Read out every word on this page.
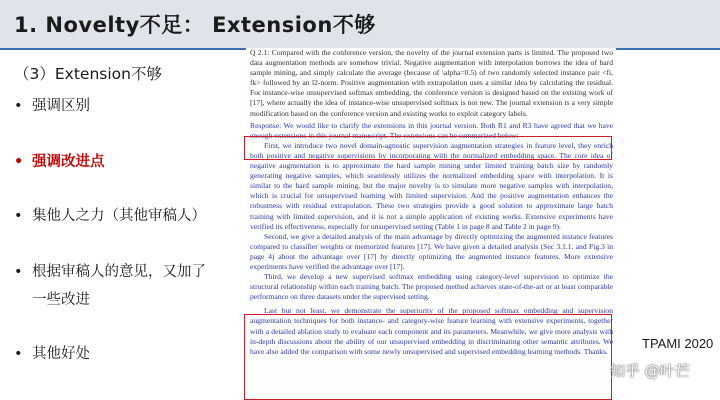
1. Novelty不足： Extension不够
（3）Extension不够
• 强调区别
• 强调改进点
• 集他人之力（其他审稿人）
• 根据审稿人的意见，又加了
一些改进
• 其他好处

Q 2.1: Compared with the conference version, the novelty of the journal extension parts is limited. The proposed two data augmentation methods are somehow trivial. Negative augmentation with interpolation borrows the idea of hard sample mining, and simply calculate the average (because of \alpha=0.5) of two randomly selected instance pair <fi, fk> followed by an l2-norm. Positive augmentation with extrapolation uses a similar idea by calculating the residual. For instance-wise unsupervised softmax embedding, the conference version is designed based on the existing work of [17], where actually the idea of instance-wise unsupervised softmax is not new. The journal extension is a very simple modification based on the conference version and existing works to exploit category labels.

Response: We would like to clarify the extensions in this journal version. Both R1 and R3 have agreed that we have enough extensions in this journal manuscript. The extensions can be summarized below:

First, we introduce two novel domain-agnostic supervision augmentation strategies in feature level, they enrich both positive and negative supervisions by incorporating with the normalized embedding space. The core idea of negative augmentation is to approximate the hard sample mining under limited training batch size by randomly generating negative samples, which seamlessly utilizes the normalized embedding space with interpolation. It is similar to the hard sample mining, but the major novelty is to simulate more negative samples with interpolation, which is crucial for unsupervised learning with limited supervision. And the positive augmentation enhances the robustness with residual extrapolation. These two strategies provide a good solution to approximate large batch training with limited supervision, and it is not a simple application of existing works. Extensive experiments have verified its effectiveness, especially for unsupervised setting (Table 1 in page 8 and Table 2 in page 9).

Second, we give a detailed analysis of the main advantage by directly optimizing the augmented instance features compared to classifier weights or memorized features [17]. We have given a detailed analysis (Sec 3.1.1. and Fig.3 in page 4) about the advantage over [17] by directly optimizing the augmented instance features. More extensive experiments have verified the advantage over [17].

Third, we develop a new supervised softmax embedding using category-level supervision to optimize the structural relationship within each training batch. The proposed method achieves state-of-the-art or at least comparable performance on three datasets under the supervised setting.

Last but not least, we demonstrate the superiority of the proposed softmax embedding and supervision augmentation techniques for both instance- and category-wise feature learning with extensive experiments, together with a detailed ablation study to evaluate each component and its parameters. Meanwhile, we give more analysis with in-depth discussions about the ability of our unsupervised embedding in discriminating other semantic attributes. We have also added the comparison with some newly unsupervised and supervised embedding learning methods. Thanks.

TPAMI 2020
知乎 @叶芒
